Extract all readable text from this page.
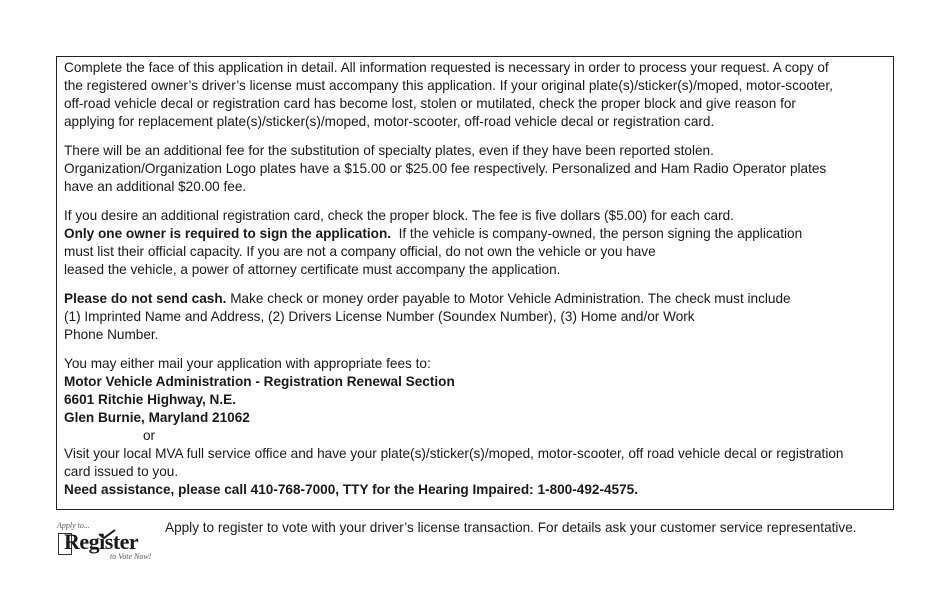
Complete the face of this application in detail. All information requested is necessary in order to process your request. A copy of
the registered owner’s driver’s license must accompany this application. If your original plate(s)/sticker(s)/moped, motor-scooter,
off-road vehicle decal or registration card has become lost, stolen or mutilated, check the proper block and give reason for
applying for replacement plate(s)/sticker(s)/moped, motor-scooter, off-road vehicle decal or registration card.
There will be an additional fee for the substitution of specialty plates, even if they have been reported stolen.
Organization/Organization Logo plates have a $15.00 or $25.00 fee respectively. Personalized and Ham Radio Operator plates
have an additional $20.00 fee.
If you desire an additional registration card, check the proper block. The fee is five dollars ($5.00) for each card.
Only one owner is required to sign the application.  If the vehicle is company-owned, the person signing the application
must list their official capacity. If you are not a company official, do not own the vehicle or you have
leased the vehicle, a power of attorney certificate must accompany the application.
Please do not send cash. Make check or money order payable to Motor Vehicle Administration. The check must include
(1) Imprinted Name and Address, (2) Drivers License Number (Soundex Number), (3) Home and/or Work
Phone Number.
You may either mail your application with appropriate fees to:
Motor Vehicle Administration - Registration Renewal Section
6601 Ritchie Highway, N.E.
Glen Burnie, Maryland 21062
or
Visit your local MVA full service office and have your plate(s)/sticker(s)/moped, motor-scooter, off road vehicle decal or registration
card issued to you.
Need assistance, please call 410-768-7000, TTY for the Hearing Impaired: 1-800-492-4575.
Apply to...
Register
to Vote Now!
Apply to register to vote with your driver’s license transaction. For details ask your customer service representative.
